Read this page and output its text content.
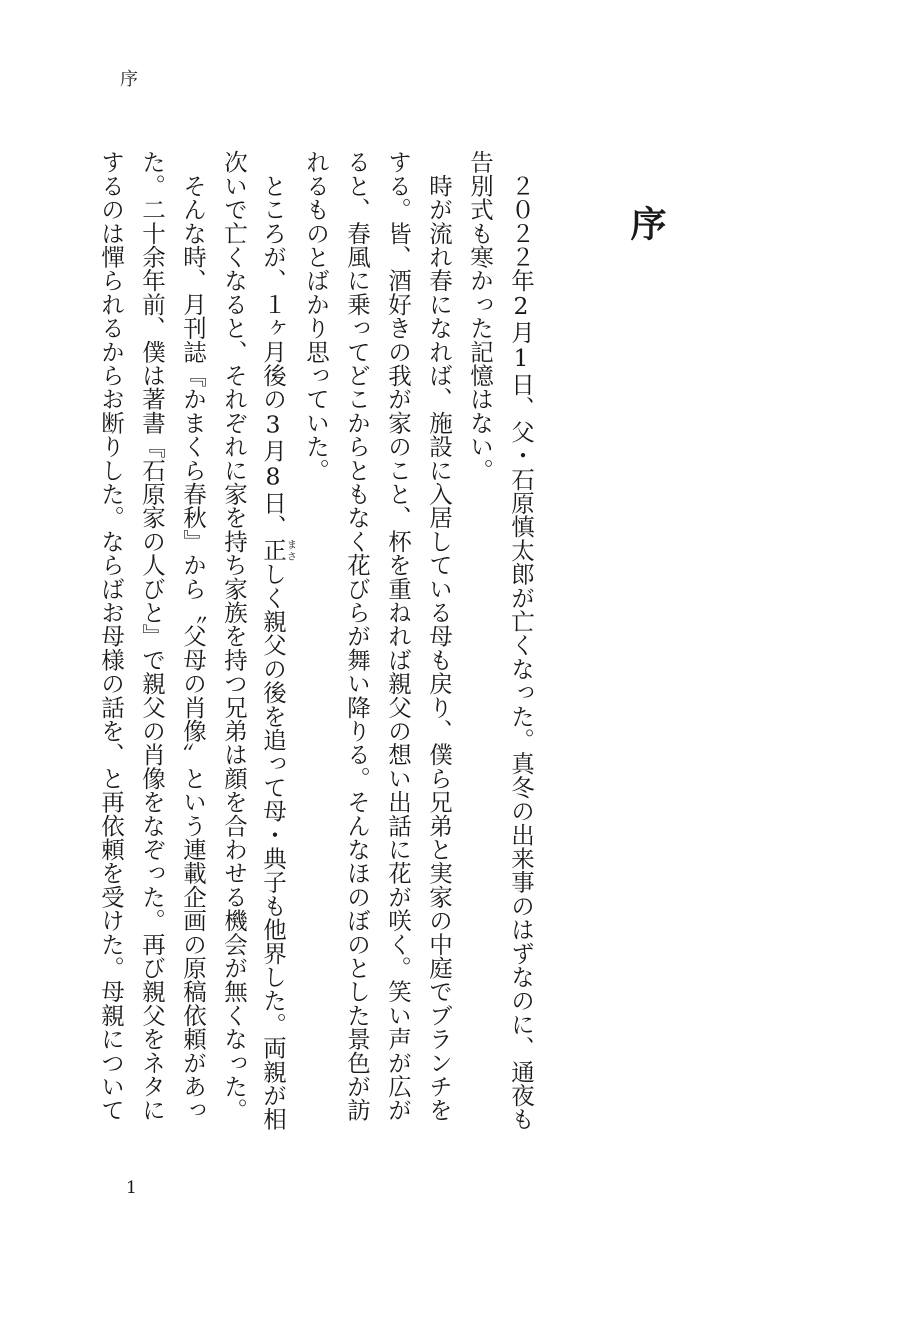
序
序
　２０２２年2月1日、父・石原慎太郎が亡くなった。真冬の出来事のはずなのに、通夜も
告別式も寒かった記憶はない。
　時が流れ春になれば、施設に入居している母も戻り、僕ら兄弟と実家の中庭でブランチを
する。皆、酒好きの我が家のこと、杯を重ねれば親父の想い出話に花が咲く。笑い声が広が
ると、春風に乗ってどこからともなく花びらが舞い降りる。そんなほのぼのとした景色が訪
れるものとばかり思っていた。
　ところが、１ヶ月後の3月8日、正まさしく親父の後を追って母・典子も他界した。両親が相
次いで亡くなると、それぞれに家を持ち家族を持つ兄弟は顔を合わせる機会が無くなった。
　そんな時、月刊誌『かまくら春秋』から〝父母の肖像〟という連載企画の原稿依頼があっ
た。二十余年前、僕は著書『石原家の人びと』で親父の肖像をなぞった。再び親父をネタに
するのは憚られるからお断りした。ならばお母様の話を、と再依頼を受けた。母親について
1
